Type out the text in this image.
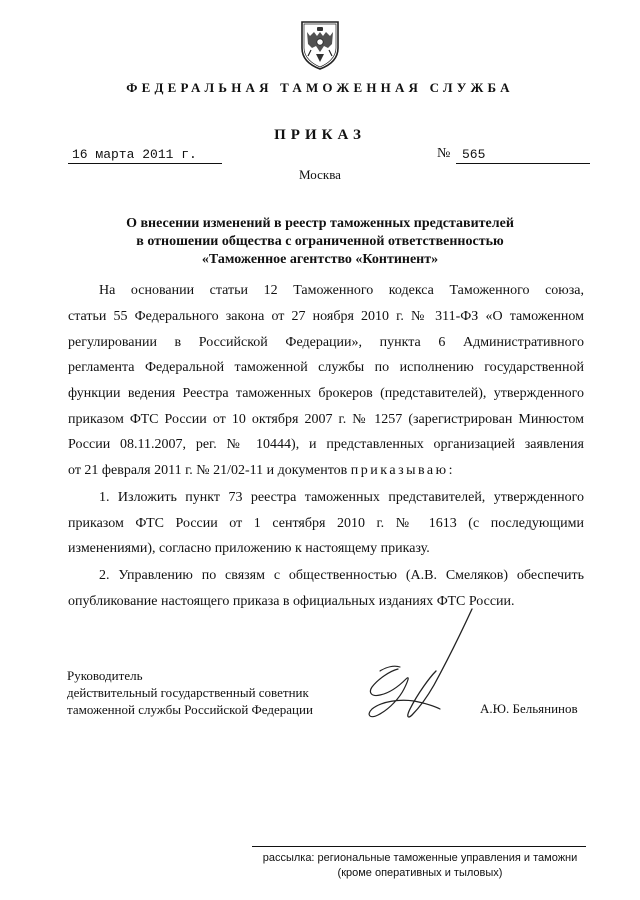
ФЕДЕРАЛЬНАЯ ТАМОЖЕННАЯ СЛУЖБА
ПРИКАЗ
16 марта 2011 г.	№ 565
Москва
О внесении изменений в реестр таможенных представителей
в отношении общества с ограниченной ответственностью
«Таможенное агентство «Континент»
На основании статьи 12 Таможенного кодекса Таможенного союза,
статьи 55 Федерального закона от 27 ноября 2010 г. № 311-ФЗ «О таможенном
регулировании в Российской Федерации», пункта 6 Административного
регламента Федеральной таможенной службы по исполнению государственной
функции ведения Реестра таможенных брокеров (представителей), утвержденного
приказом ФТС России от 10 октября 2007 г. № 1257 (зарегистрирован Минюстом
России 08.11.2007, рег. № 10444), и представленных организацией заявления
от 21 февраля 2011 г. № 21/02-11 и документов приказываю:
1. Изложить пункт 73 реестра таможенных представителей, утвержденного
приказом ФТС России от 1 сентября 2010 г. № 1613 (с последующими
изменениями), согласно приложению к настоящему приказу.
2. Управлению по связям с общественностью (А.В. Смеляков) обеспечить
опубликование настоящего приказа в официальных изданиях ФТС России.
Руководитель
действительный государственный советник
таможенной службы Российской Федерации	А.Ю. Бельянинов
рассылка: региональные таможенные управления и таможни
(кроме оперативных и тыловых)
